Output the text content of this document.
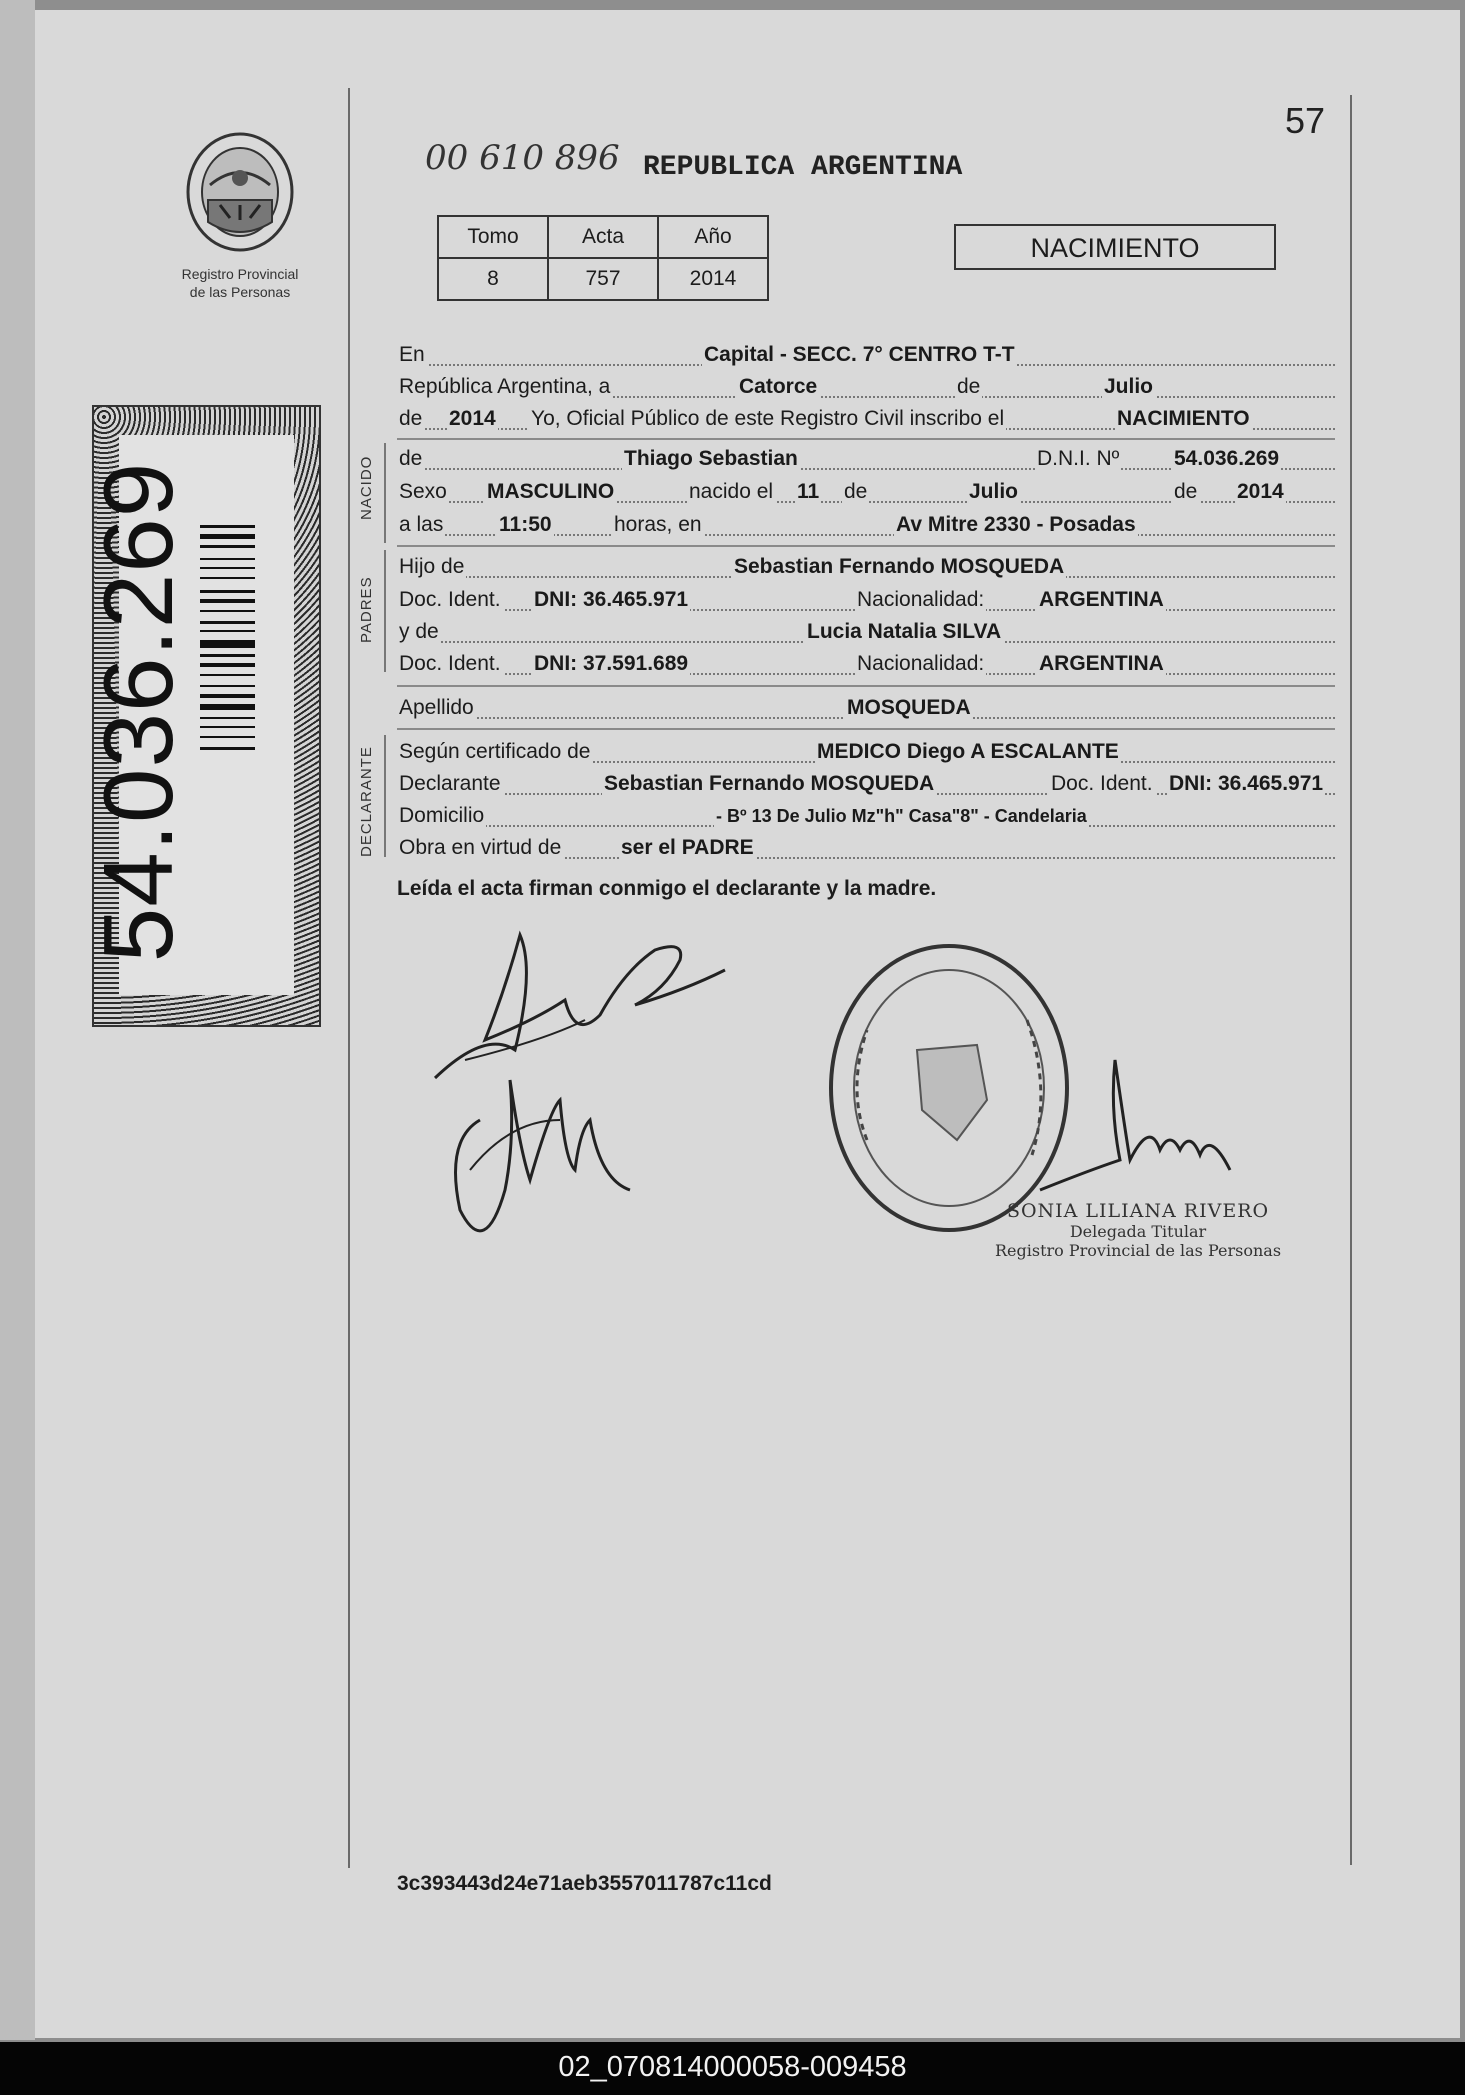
Registro Provincial
de las Personas
54.036.269
00 610 896 REPUBLICA ARGENTINA
57
Tomo	Acta	Año
8	757	2014
NACIMIENTO
En	Capital - SECC. 7° CENTRO T-T
República Argentina, a	Catorce	de	Julio
de 2014 Yo, Oficial Público de este Registro Civil inscribo el	NACIMIENTO
de	Thiago Sebastian	D.N.I. Nº	54.036.269
Sexo MASCULINO	nacido el 11 de	Julio	de 2014
a las	11:50	horas, en	Av Mitre 2330 - Posadas
Hijo de	Sebastian Fernando MOSQUEDA
Doc. Ident. DNI: 36.465.971	Nacionalidad:	ARGENTINA
y de	Lucia Natalia SILVA
Doc. Ident. DNI: 37.591.689	Nacionalidad:	ARGENTINA
Apellido	MOSQUEDA
Según certificado de	MEDICO Diego A ESCALANTE
Declarante	Sebastian Fernando MOSQUEDA	Doc. Ident. DNI: 36.465.971
Domicilio	- Bº 13 De Julio Mz"h" Casa"8" - Candelaria
Obra en virtud de	ser el PADRE
NACIDO
PADRES
DECLARANTE
Leída el acta firman conmigo el declarante y la madre.
SONIA LILIANA RIVERO
Delegada Titular
Registro Provincial de las Personas
3c393443d24e71aeb3557011787c11cd
02_070814000058-009458
